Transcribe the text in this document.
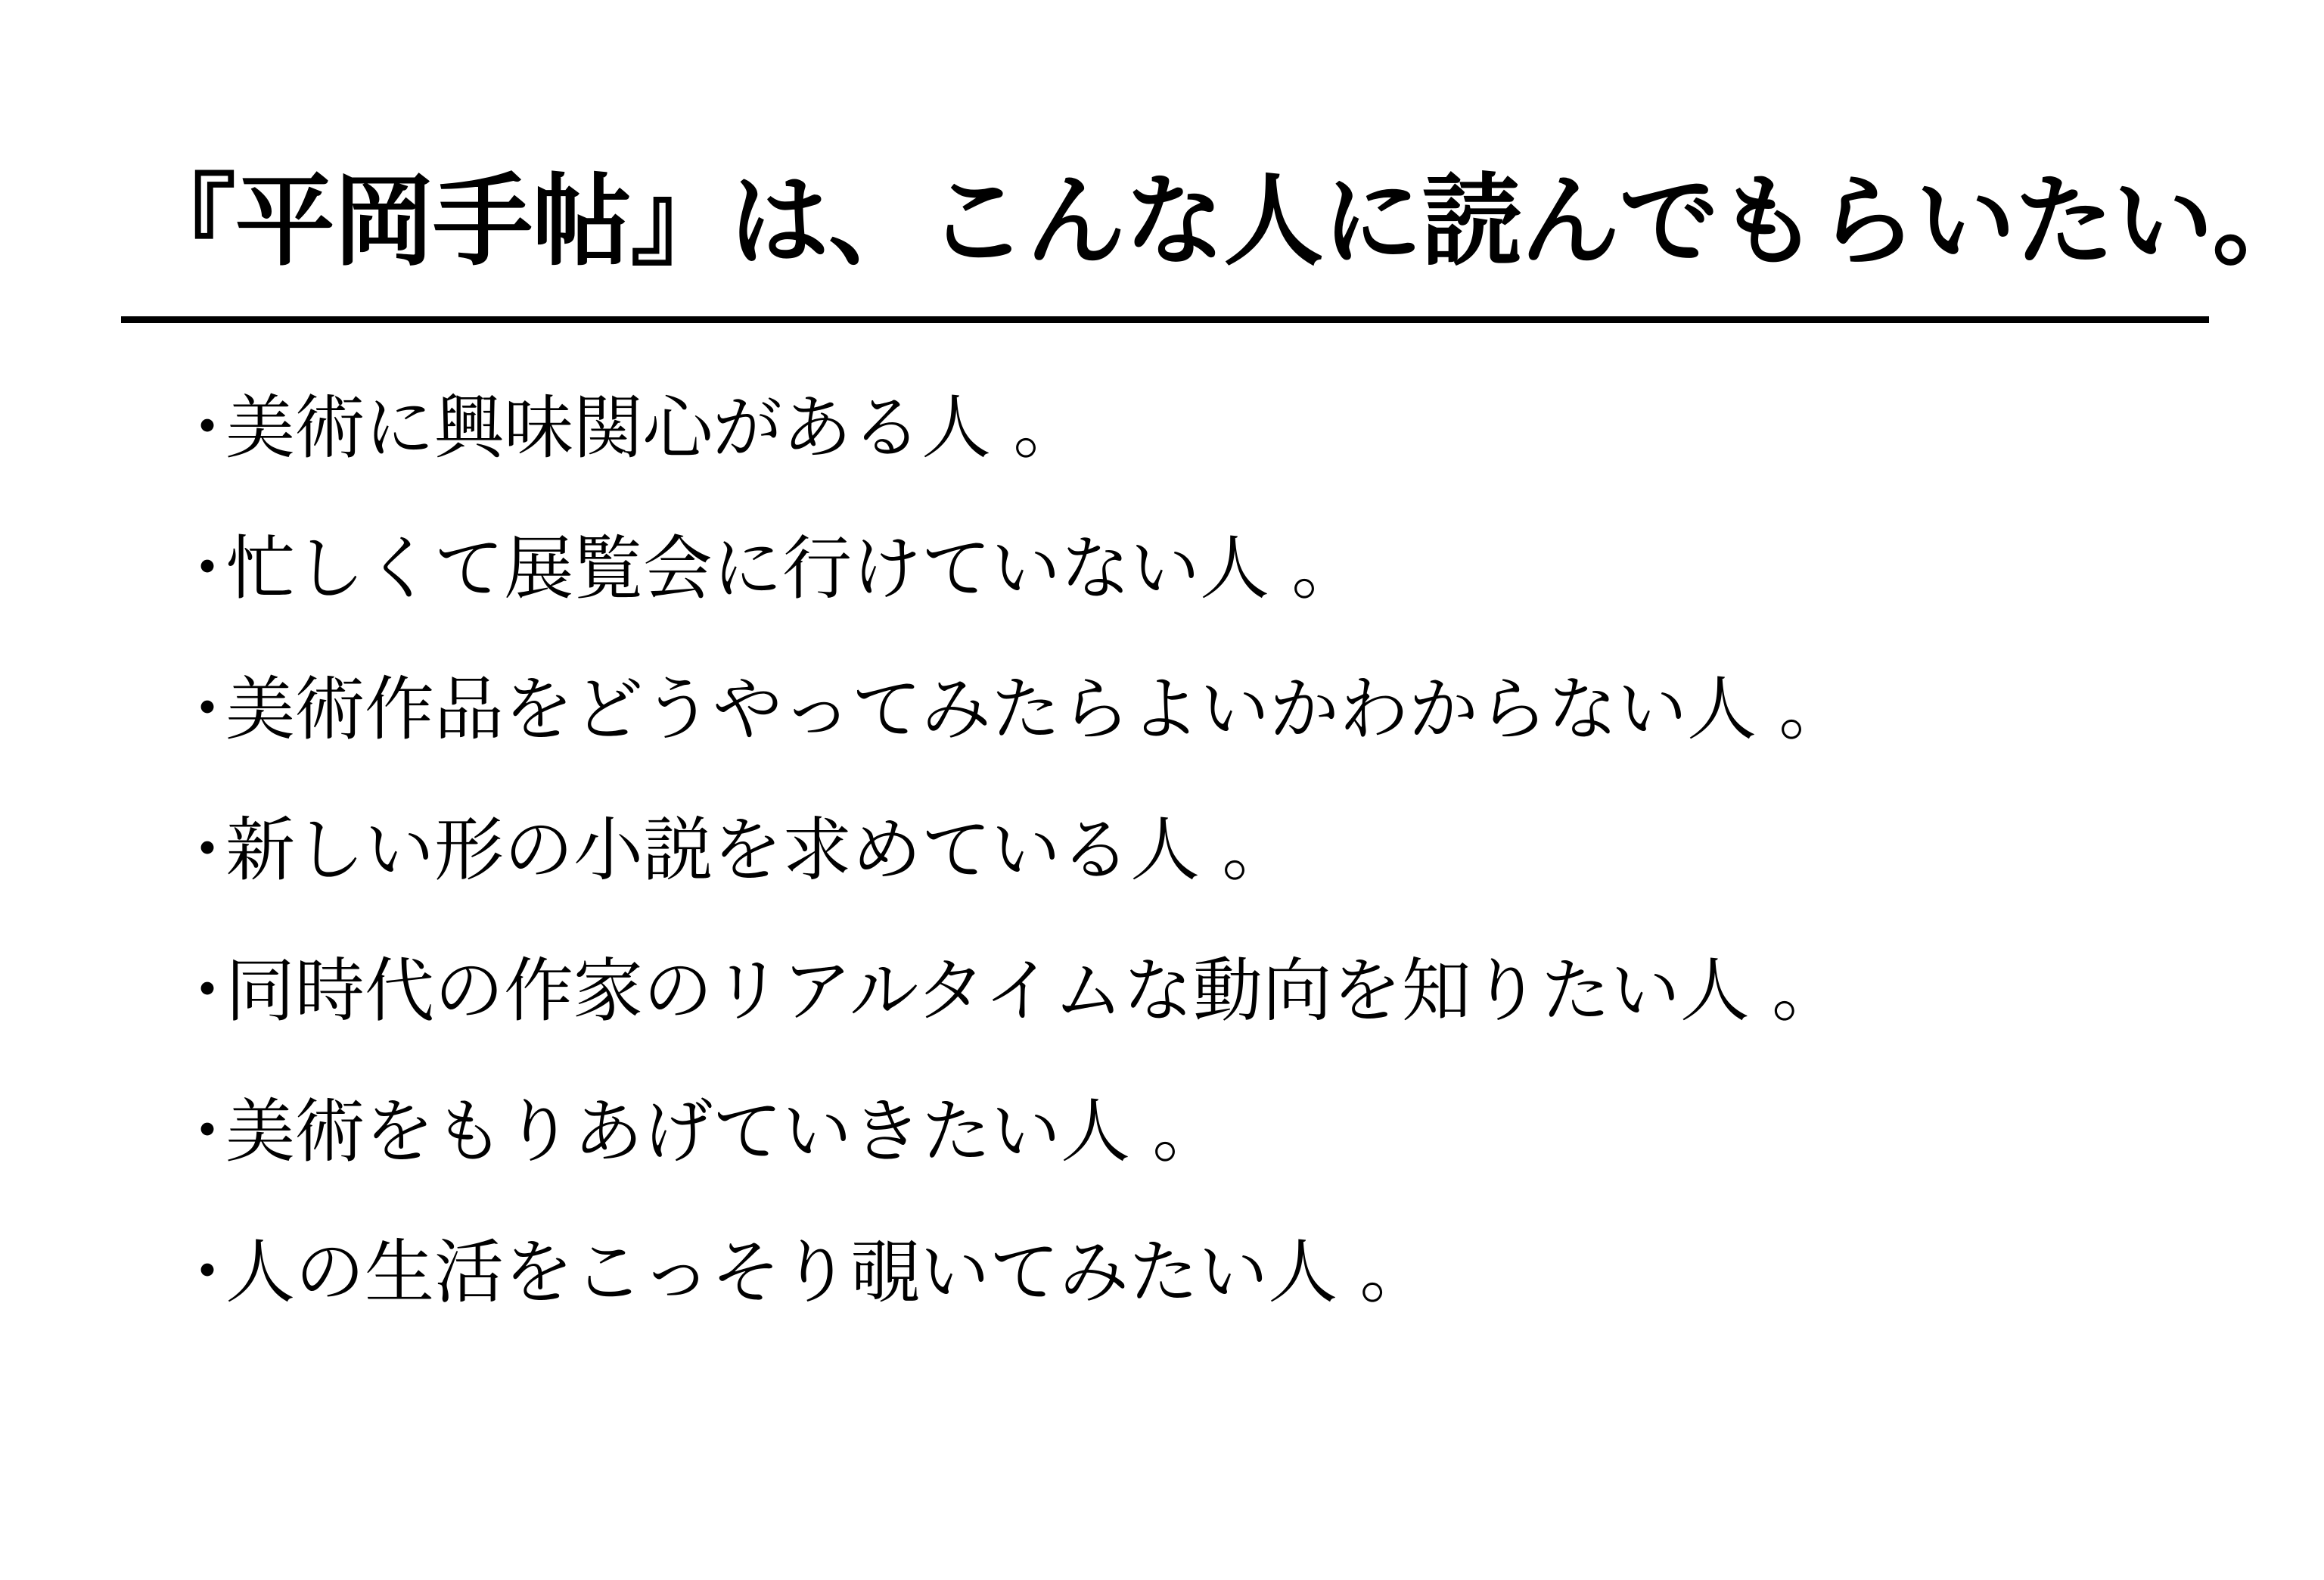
『平岡手帖』は、こんな人に読んでもらいたい。
・
美術に興味関心がある人 。
・
忙しくて展覧会に行けていない人 。
・
美術作品をどうやってみたらよいかわからない人 。
・
新しい形の小説を求めている人 。
・
同時代の作家のリアルタイムな動向を知りたい人 。
・
美術をもりあげていきたい人 。
・
人の生活をこっそり覗いてみたい人 。
